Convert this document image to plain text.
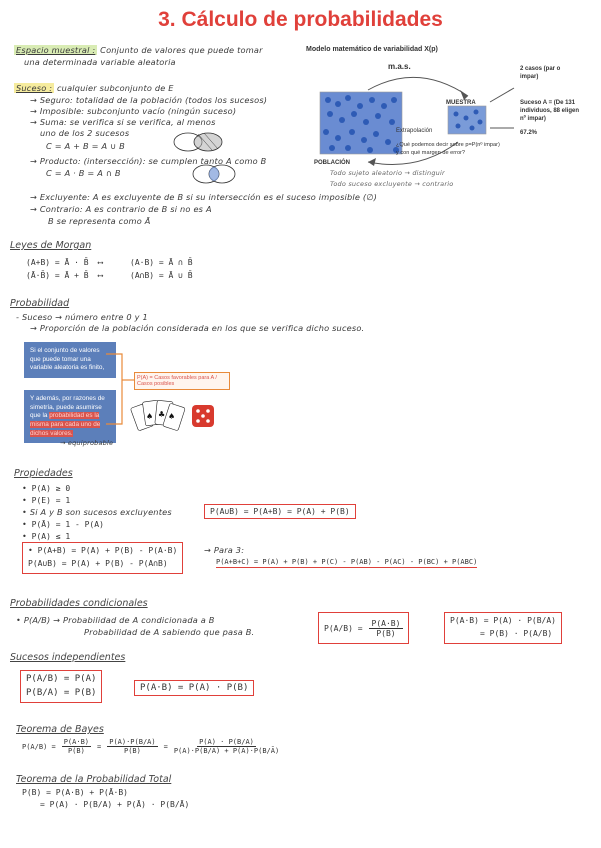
3. Cálculo de probabilidades
Espacio muestral : Conjunto de valores que puede tomar
una determinada variable aleatoria
Suceso : cualquier subconjunto de E
→ Seguro: totalidad de la población (todos los sucesos)
→ Imposible: subconjunto vacío (ningún suceso)
→ Suma: se verifica si se verifica, al menos
uno de los 2 sucesos
C = A + B = A ∪ B
→ Producto: (intersección): se cumplen tanto A como B
C = A · B = A ∩ B
→ Excluyente: A es excluyente de B si su intersección es el suceso imposible (∅)
→ Contrario: A es contrario de B si no es A
B se representa como Ā
Modelo matemático de variabilidad X(p)
m.a.s.
POBLACIÓN
MUESTRA
Extrapolación
¿Qué podemos decir sobre p=P(nº impar)
y con qué margen de error?
2 casos (par o
impar)
Suceso A = (De 131
individuos, 88 eligen
nº impar)
67.2%
Todo sujeto aleatorio → distinguir
Todo suceso excluyente → contrario
Leyes de Morgan
(A+B) = Ā · B̄ ⟷	(A·B) = Ā ∩ B̄
(Ā·B̄) = Ā + B̄ ⟷	(A∩B) = Ā ∪ B̄
Probabilidad
- Suceso → número entre 0 y 1
→ Proporción de la población considerada en los que se verifica dicho suceso.
Si el conjunto de valores que puede tomar una variable aleatoria es finito,
Y además, por razones de simetría, puede asumirse que la probabilidad es la misma para cada uno de dichos valores.
→ equiprobable
P(A) = Casos favorables para A / Casos posibles
♠ ♣ ♠
Propiedades
• P(A) ≥ 0
• P(E) = 1
• Si A y B son sucesos excluyentes	P(A∪B) = P(A+B) = P(A) + P(B)
• P(Ā) = 1 - P(A)
• P(A) ≤ 1
• P(A+B) = P(A) + P(B) - P(A·B)
P(A∪B) = P(A) + P(B) - P(A∩B)
→ Para 3:
P(A+B+C) = P(A) + P(B) + P(C) - P(AB) - P(AC) - P(BC) + P(ABC)
Probabilidades condicionales
• P(A/B) → Probabilidad de A condicionada a B
Probabilidad de A sabiendo que pasa B.	$P(A/B) = \frac{P(A\cdot B)}{P(B)}$	P(A·B) = P(A) · P(B/A)
= P(B) · P(A/B)
Sucesos independientes
P(A/B) = P(A)
P(B/A) = P(B)	P(A·B) = P(A) · P(B)
Teorema de Bayes
$P(A/B) = \frac{P(A\cdot B)}{P(B)} = \frac{P(A)\cdot P(B/A)}{P(B)} = \frac{P(A) \cdot P(B/A)}{P(A)\cdot P(B/A) + P(Ā)\cdot P(B/Ā)}$
Teorema de la Probabilidad Total
P(B) = P(A·B) + P(Ā·B)
= P(A) · P(B/A) + P(Ā) · P(B/Ā)
